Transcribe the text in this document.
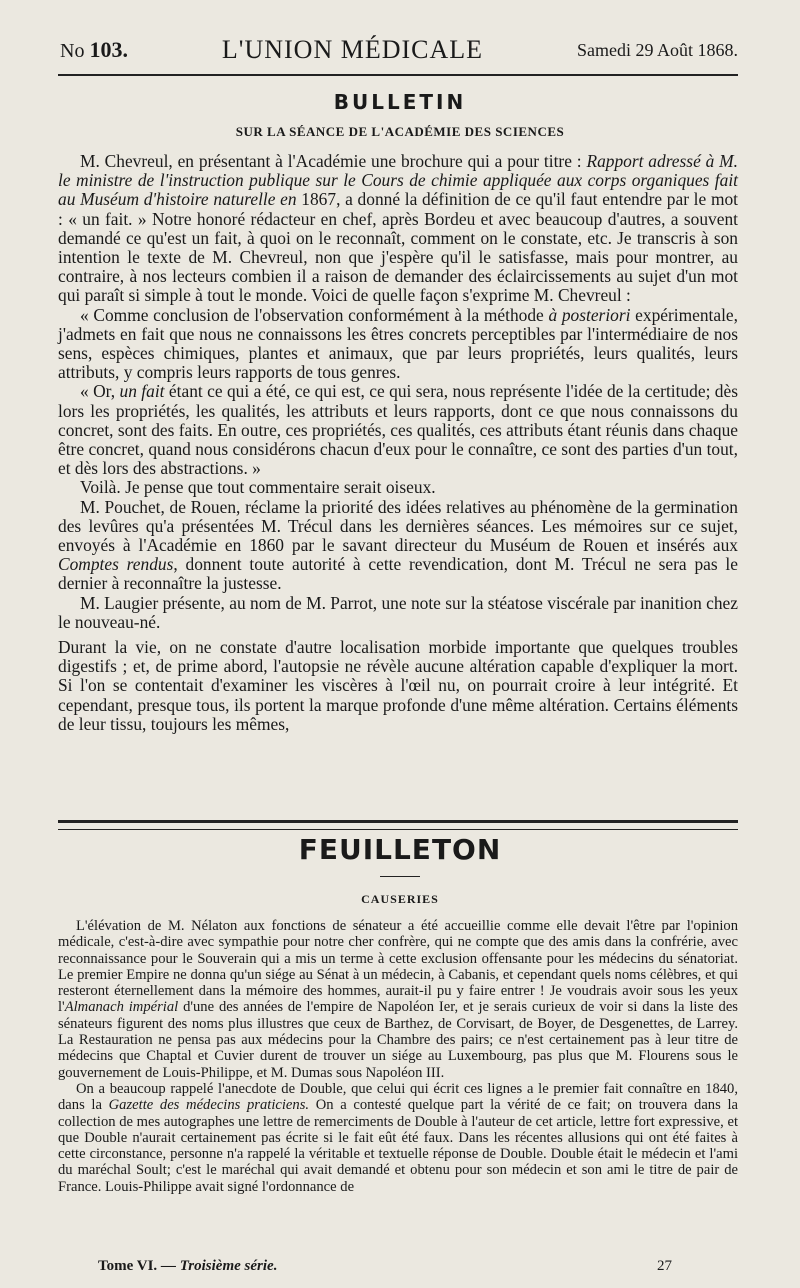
No 103.	L'UNION MÉDICALE	Samedi 29 Août 1868.
BULLETIN
SUR LA SÉANCE DE L'ACADÉMIE DES SCIENCES

M. Chevreul, en présentant à l'Académie une brochure qui a pour titre : Rapport adressé à M. le ministre de l'instruction publique sur le Cours de chimie appliquée aux corps organiques fait au Muséum d'histoire naturelle en 1867, a donné la définition de ce qu'il faut entendre par le mot : « un fait. » Notre honoré rédacteur en chef, après Bordeu et avec beaucoup d'autres, a souvent demandé ce qu'est un fait, à quoi on le reconnaît, comment on le constate, etc. Je transcris à son intention le texte de M. Chevreul, non que j'espère qu'il le satisfasse, mais pour montrer, au contraire, à nos lecteurs combien il a raison de demander des éclaircissements au sujet d'un mot qui paraît si simple à tout le monde. Voici de quelle façon s'exprime M. Chevreul :

« Comme conclusion de l'observation conformément à la méthode à posteriori expérimentale, j'admets en fait que nous ne connaissons les êtres concrets perceptibles par l'intermédiaire de nos sens, espèces chimiques, plantes et animaux, que par leurs propriétés, leurs qualités, leurs attributs, y compris leurs rapports de tous genres.

« Or, un fait étant ce qui a été, ce qui est, ce qui sera, nous représente l'idée de la certitude; dès lors les propriétés, les qualités, les attributs et leurs rapports, dont ce que nous connaissons du concret, sont des faits. En outre, ces propriétés, ces qualités, ces attributs étant réunis dans chaque être concret, quand nous considérons chacun d'eux pour le connaître, ce sont des parties d'un tout, et dès lors des abstractions. »

Voilà. Je pense que tout commentaire serait oiseux.

M. Pouchet, de Rouen, réclame la priorité des idées relatives au phénomène de la germination des levûres qu'a présentées M. Trécul dans les dernières séances. Les mémoires sur ce sujet, envoyés à l'Académie en 1860 par le savant directeur du Muséum de Rouen et insérés aux Comptes rendus, donnent toute autorité à cette revendication, dont M. Trécul ne sera pas le dernier à reconnaître la justesse.

M. Laugier présente, au nom de M. Parrot, une note sur la stéatose viscérale par inanition chez le nouveau-né.

Durant la vie, on ne constate d'autre localisation morbide importante que quelques troubles digestifs ; et, de prime abord, l'autopsie ne révèle aucune altération capable d'expliquer la mort. Si l'on se contentait d'examiner les viscères à l'œil nu, on pourrait croire à leur intégrité. Et cependant, presque tous, ils portent la marque profonde d'une même altération. Certains éléments de leur tissu, toujours les mêmes,

FEUILLETON
CAUSERIES

L'élévation de M. Nélaton aux fonctions de sénateur a été accueillie comme elle devait l'être par l'opinion médicale, c'est-à-dire avec sympathie pour notre cher confrère, qui ne compte que des amis dans la confrérie, avec reconnaissance pour le Souverain qui a mis un terme à cette exclusion offensante pour les médecins du sénatoriat. Le premier Empire ne donna qu'un siége au Sénat à un médecin, à Cabanis, et cependant quels noms célèbres, et qui resteront éternellement dans la mémoire des hommes, aurait-il pu y faire entrer ! Je voudrais avoir sous les yeux l'Almanach impérial d'une des années de l'empire de Napoléon Ier, et je serais curieux de voir si dans la liste des sénateurs figurent des noms plus illustres que ceux de Barthez, de Corvisart, de Boyer, de Desgenettes, de Larrey. La Restauration ne pensa pas aux médecins pour la Chambre des pairs; ce n'est certainement pas à leur titre de médecins que Chaptal et Cuvier durent de trouver un siége au Luxembourg, pas plus que M. Flourens sous le gouvernement de Louis-Philippe, et M. Dumas sous Napoléon III.

On a beaucoup rappelé l'anecdote de Double, que celui qui écrit ces lignes a le premier fait connaître en 1840, dans la Gazette des médecins praticiens. On a contesté quelque part la vérité de ce fait; on trouvera dans la collection de mes autographes une lettre de remerciments de Double à l'auteur de cet article, lettre fort expressive, et que Double n'aurait certainement pas écrite si le fait eût été faux. Dans les récentes allusions qui ont été faites à cette circonstance, personne n'a rappelé la véritable et textuelle réponse de Double. Double était le médecin et l'ami du maréchal Soult; c'est le maréchal qui avait demandé et obtenu pour son médecin et son ami le titre de pair de France. Louis-Philippe avait signé l'ordonnance de

Tome VI. — Troisième série.	27
